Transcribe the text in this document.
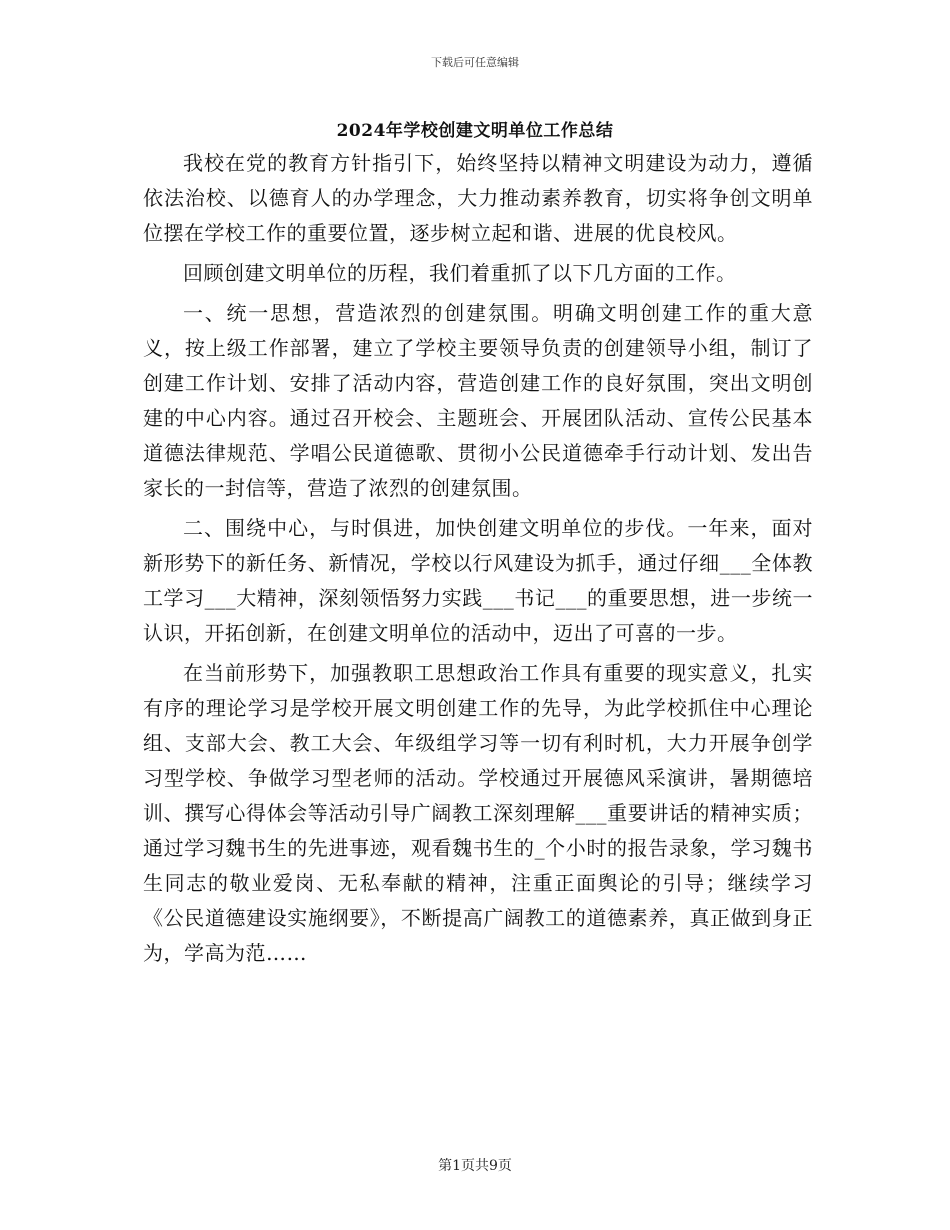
下载后可任意编辑
2024年学校创建文明单位工作总结

我校在党的教育方针指引下，始终坚持以精神文明建设为动力，遵循依法治校、以德育人的办学理念，大力推动素养教育，切实将争创文明单位摆在学校工作的重要位置，逐步树立起和谐、进展的优良校风。

回顾创建文明单位的历程，我们着重抓了以下几方面的工作。

一、统一思想，营造浓烈的创建氛围。明确文明创建工作的重大意义，按上级工作部署，建立了学校主要领导负责的创建领导小组，制订了创建工作计划、安排了活动内容，营造创建工作的良好氛围，突出文明创建的中心内容。通过召开校会、主题班会、开展团队活动、宣传公民基本道德法律规范、学唱公民道德歌、贯彻小公民道德牵手行动计划、发出告家长的一封信等，营造了浓烈的创建氛围。

二、围绕中心，与时俱进，加快创建文明单位的步伐。一年来，面对新形势下的新任务、新情况，学校以行风建设为抓手，通过仔细___全体教工学习___大精神，深刻领悟努力实践___书记___的重要思想，进一步统一认识，开拓创新，在创建文明单位的活动中，迈出了可喜的一步。

在当前形势下，加强教职工思想政治工作具有重要的现实意义，扎实有序的理论学习是学校开展文明创建工作的先导，为此学校抓住中心理论组、支部大会、教工大会、年级组学习等一切有利时机，大力开展争创学习型学校、争做学习型老师的活动。学校通过开展德风采演讲，暑期德培训、撰写心得体会等活动引导广阔教工深刻理解___重要讲话的精神实质；通过学习魏书生的先进事迹，观看魏书生的_个小时的报告录象，学习魏书生同志的敬业爱岗、无私奉献的精神，注重正面舆论的引导；继续学习《公民道德建设实施纲要》，不断提高广阔教工的道德素养，真正做到身正为，学高为范……

第1页共9页
